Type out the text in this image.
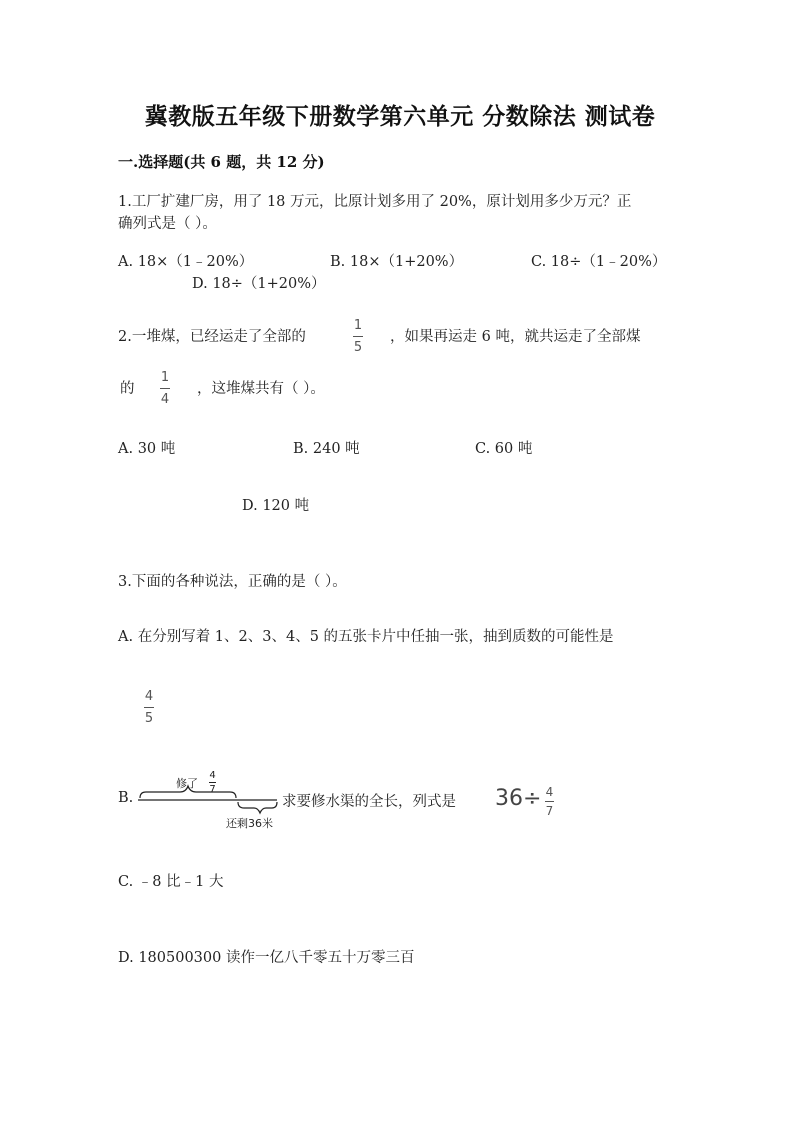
冀教版五年级下册数学第六单元 分数除法 测试卷
一.选择题(共 6 题，共 12 分)
1.工厂扩建厂房，用了 18 万元，比原计划多用了 20%，原计划用多少万元？正
确列式是（ ）。
A. 18×（1﹣20%）	B. 18×（1+20%）	C. 18÷（1﹣20%）
D. 18÷（1+20%）
2.一堆煤，已经运走了全部的
1
5
，如果再运走 6 吨，就共运走了全部煤
的
1
4
，这堆煤共有（ ）。
A. 30 吨	B. 240 吨	C. 60 吨
D. 120 吨
3.下面的各种说法，正确的是（ ）。
A. 在分别写着 1、2、3、4、5 的五张卡片中任抽一张，抽到质数的可能性是
4
5
B.
修了
4
7
还剩36米
求要修水渠的全长，列式是 36÷ 4
7
C. ﹣8 比﹣1 大
D. 180500300 读作一亿八千零五十万零三百
